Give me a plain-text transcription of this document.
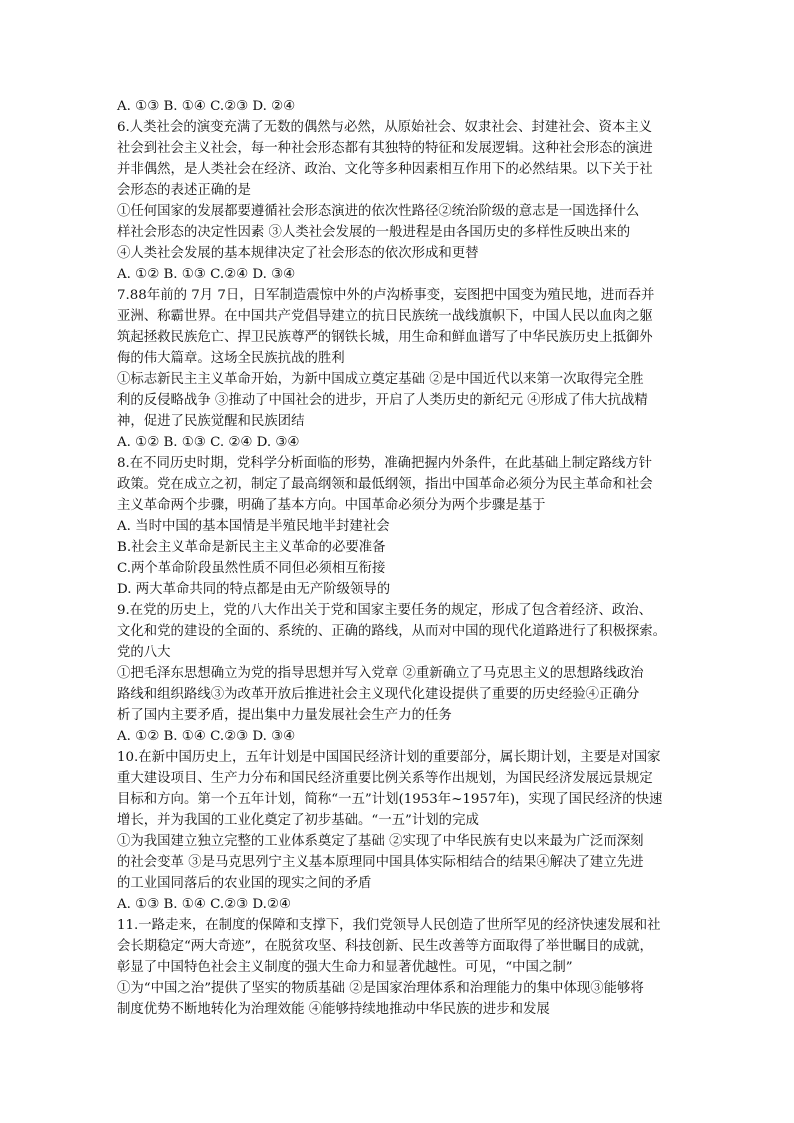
A. ①③ B. ①④ C.②③ D. ②④
6.人类社会的演变充满了无数的偶然与必然，从原始社会、奴隶社会、封建社会、资本主义
社会到社会主义社会，每一种社会形态都有其独特的特征和发展逻辑。这种社会形态的演进
并非偶然，是人类社会在经济、政治、文化等多种因素相互作用下的必然结果。以下关于社
会形态的表述正确的是
①任何国家的发展都要遵循社会形态演进的依次性路径②统治阶级的意志是一国选择什么
样社会形态的决定性因素 ③人类社会发展的一般进程是由各国历史的多样性反映出来的
④人类社会发展的基本规律决定了社会形态的依次形成和更替
A. ①② B. ①③ C.②④ D. ③④
7.88年前的 7月 7日，日军制造震惊中外的卢沟桥事变，妄图把中国变为殖民地，进而吞并
亚洲、称霸世界。在中国共产党倡导建立的抗日民族统一战线旗帜下，中国人民以血肉之躯
筑起拯救民族危亡、捍卫民族尊严的钢铁长城，用生命和鲜血谱写了中华民族历史上抵御外
侮的伟大篇章。这场全民族抗战的胜利
①标志新民主主义革命开始，为新中国成立奠定基础 ②是中国近代以来第一次取得完全胜
利的反侵略战争 ③推动了中国社会的进步，开启了人类历史的新纪元 ④形成了伟大抗战精
神，促进了民族觉醒和民族团结
A. ①② B. ①③ C. ②④ D. ③④
8.在不同历史时期，党科学分析面临的形势，准确把握内外条件，在此基础上制定路线方针
政策。党在成立之初，制定了最高纲领和最低纲领，指出中国革命必须分为民主革命和社会
主义革命两个步骤，明确了基本方向。中国革命必须分为两个步骤是基于
A. 当时中国的基本国情是半殖民地半封建社会
B.社会主义革命是新民主主义革命的必要准备
C.两个革命阶段虽然性质不同但必须相互衔接
D. 两大革命共同的特点都是由无产阶级领导的
9.在党的历史上，党的八大作出关于党和国家主要任务的规定，形成了包含着经济、政治、
文化和党的建设的全面的、系统的、正确的路线，从而对中国的现代化道路进行了积极探索。
党的八大
①把毛泽东思想确立为党的指导思想并写入党章 ②重新确立了马克思主义的思想路线政治
路线和组织路线③为改革开放后推进社会主义现代化建设提供了重要的历史经验④正确分
析了国内主要矛盾，提出集中力量发展社会生产力的任务
A. ①② B. ①④ C.②③ D. ③④
10.在新中国历史上，五年计划是中国国民经济计划的重要部分，属长期计划，主要是对国家
重大建设项目、生产力分布和国民经济重要比例关系等作出规划，为国民经济发展远景规定
目标和方向。第一个五年计划，简称“一五”计划(1953年~1957年)，实现了国民经济的快速
增长，并为我国的工业化奠定了初步基础。“一五”计划的完成
①为我国建立独立完整的工业体系奠定了基础 ②实现了中华民族有史以来最为广泛而深刻
的社会变革 ③是马克思列宁主义基本原理同中国具体实际相结合的结果④解决了建立先进
的工业国同落后的农业国的现实之间的矛盾
A. ①③ B. ①④ C.②③ D.②④
11.一路走来，在制度的保障和支撑下，我们党领导人民创造了世所罕见的经济快速发展和社
会长期稳定“两大奇迹”，在脱贫攻坚、科技创新、民生改善等方面取得了举世瞩目的成就，
彰显了中国特色社会主义制度的强大生命力和显著优越性。可见，“中国之制”
①为“中国之治”提供了坚实的物质基础 ②是国家治理体系和治理能力的集中体现③能够将
制度优势不断地转化为治理效能 ④能够持续地推动中华民族的进步和发展
